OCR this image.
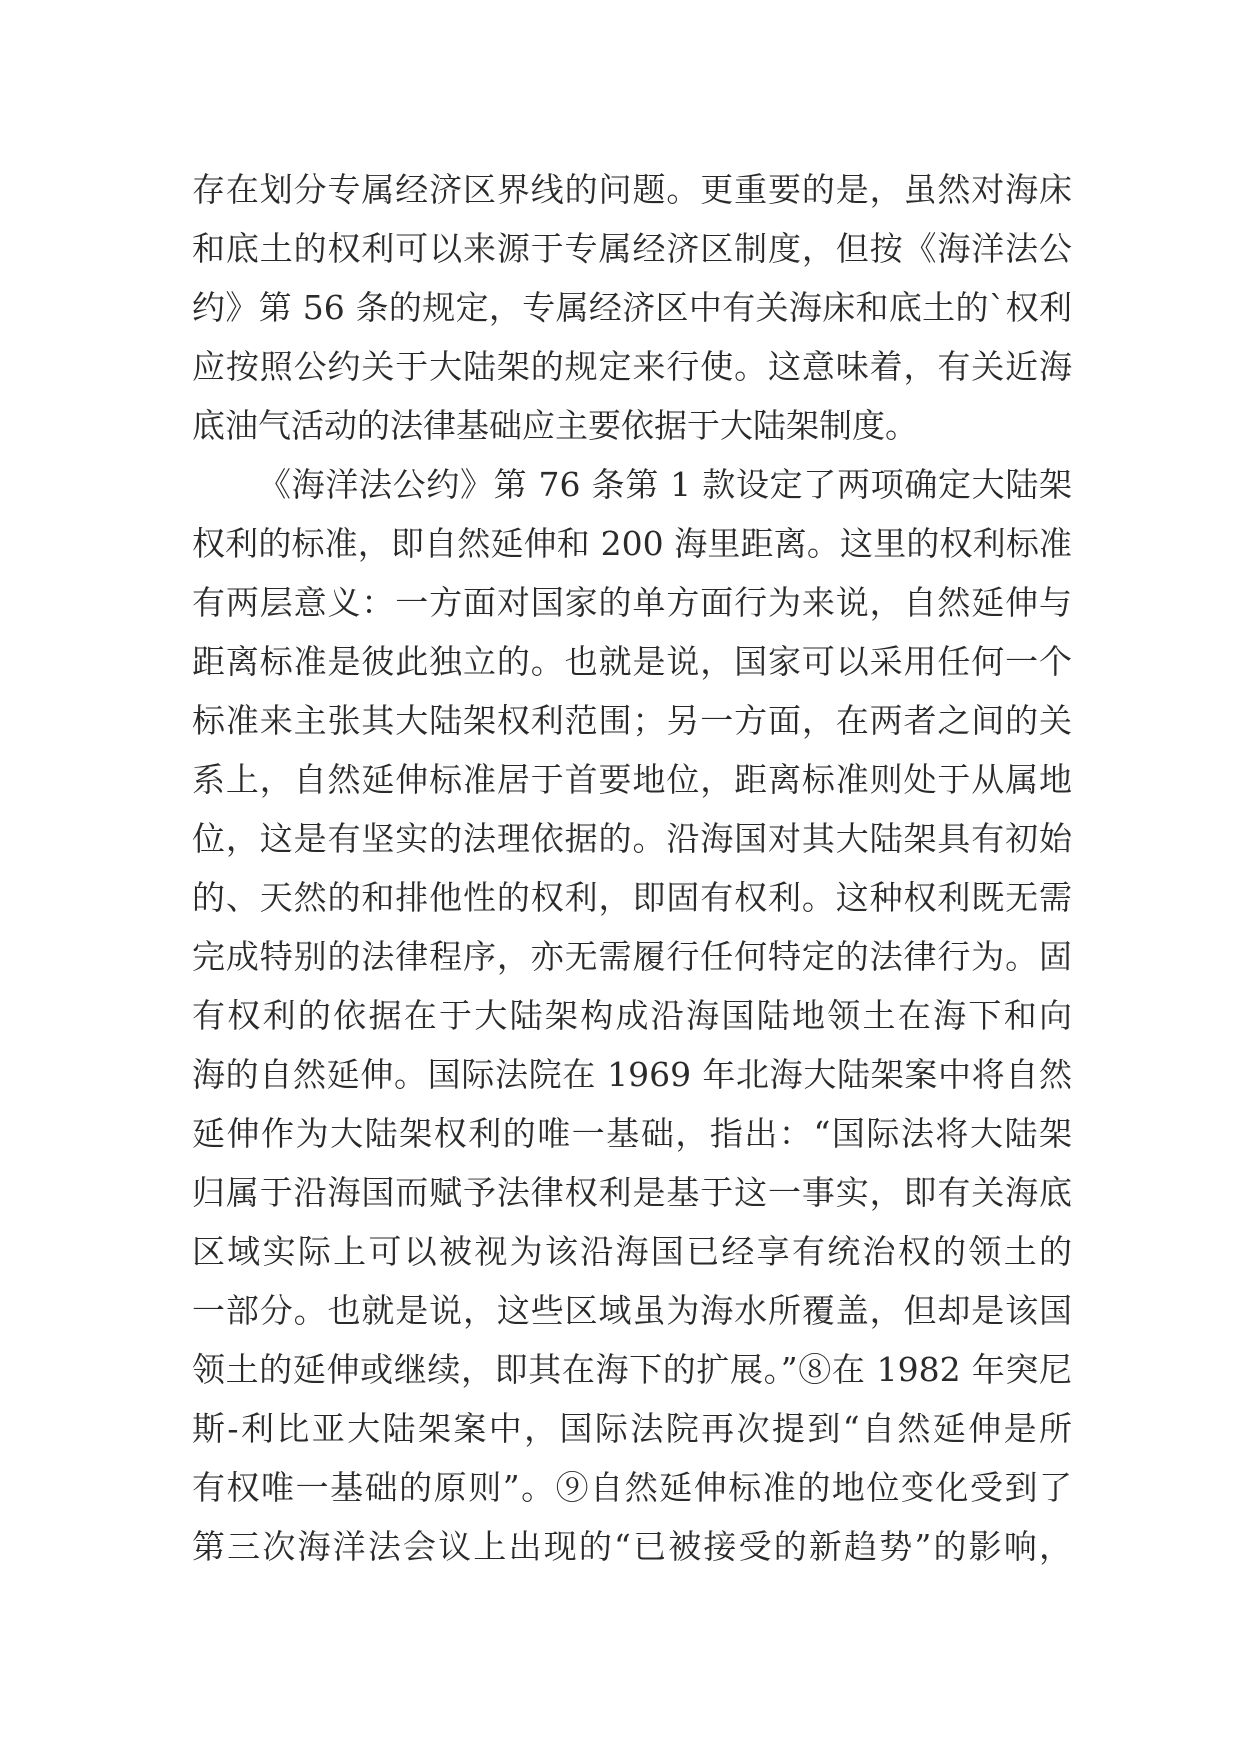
存在划分专属经济区界线的问题。更重要的是，虽然对海床
和底土的权利可以来源于专属经济区制度，但按《海洋法公
约》第 56 条的规定，专属经济区中有关海床和底土的`权利
应按照公约关于大陆架的规定来行使。这意味着，有关近海
底油气活动的法律基础应主要依据于大陆架制度。
《海洋法公约》第 76 条第 1 款设定了两项确定大陆架
权利的标准，即自然延伸和 200 海里距离。这里的权利标准
有两层意义：一方面对国家的单方面行为来说，自然延伸与
距离标准是彼此独立的。也就是说，国家可以采用任何一个
标准来主张其大陆架权利范围；另一方面，在两者之间的关
系上，自然延伸标准居于首要地位，距离标准则处于从属地
位，这是有坚实的法理依据的。沿海国对其大陆架具有初始
的、天然的和排他性的权利，即固有权利。这种权利既无需
完成特别的法律程序，亦无需履行任何特定的法律行为。固
有权利的依据在于大陆架构成沿海国陆地领土在海下和向
海的自然延伸。国际法院在 1969 年北海大陆架案中将自然
延伸作为大陆架权利的唯一基础，指出：“国际法将大陆架
归属于沿海国而赋予法律权利是基于这一事实，即有关海底
区域实际上可以被视为该沿海国已经享有统治权的领土的
一部分。也就是说，这些区域虽为海水所覆盖，但却是该国
领土的延伸或继续，即其在海下的扩展。”⑧在 1982 年突尼
斯-利比亚大陆架案中，国际法院再次提到“自然延伸是所
有权唯一基础的原则”。⑨自然延伸标准的地位变化受到了
第三次海洋法会议上出现的“已被接受的新趋势”的影响，
